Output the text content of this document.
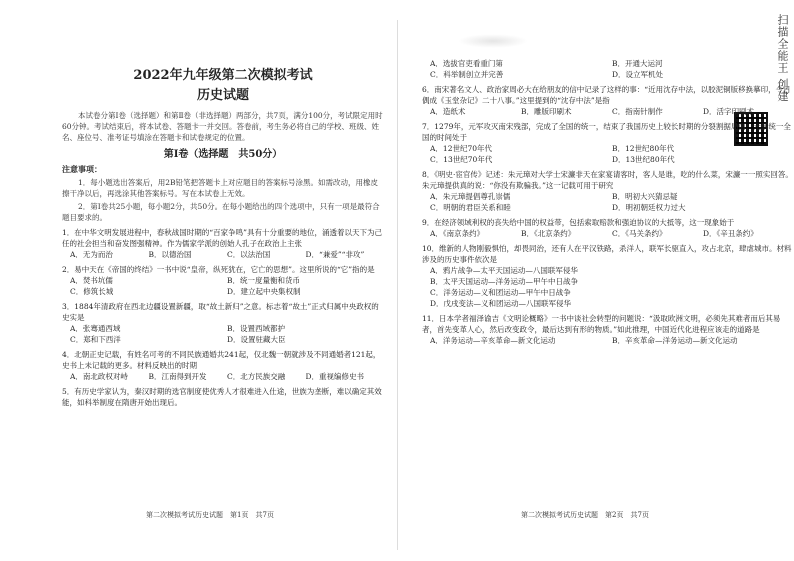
扫描全能王 创建
2022年九年级第二次模拟考试
历史试题
本试卷分第Ⅰ卷（选择题）和第Ⅱ卷（非选择题）两部分，共7页，满分100分，考试限定用时60分钟。考试结束后，将本试卷、答题卡一并交回。答卷前，考生务必将自己的学校、班级、姓名、座位号、准考证号填涂在答题卡和试卷规定的位置。
第Ⅰ卷（选择题　共50分）
注意事项：
1．每小题选出答案后，用2B铅笔把答题卡上对应题目的答案标号涂黑。如需改动，用橡皮擦干净以后，再选涂其他答案标号。写在本试卷上无效。
2．第Ⅰ卷共25小题，每小题2分，共50分。在每小题给出的四个选项中，只有一项是最符合题目要求的。
1．在中华文明发展进程中，春秋战国时期的“百家争鸣”具有十分重要的地位，涌透着以天下为己任的社会担当和奋发图强精神。作为儒家学派的创始人孔子在政治上主张
A．无为而治	B．以德治国	C．以法治国	D．“兼爱”“非攻”
2．易中天在《帝国的终结》一书中说“皇帝，纵死犹在，它亡的思想”。这里所说的“它”指的是
A．焚书坑儒	B．统一度量衡和货币
C．修筑长城	D．建立起中央集权制
3．1884年清政府在西北边疆设置新疆，取“故土新归”之意。标志着“故土”正式归属中央政权的史实是
A．张骞通西域	B．设置西域都护
C．郑和下西洋	D．设置驻藏大臣
4．北朝正史记载，有姓名可考的不同民族通婚共241起，仅北魏一朝就涉及不同通婚者121起，史书上未记载的更多。材料反映出的时期
A．南北政权对峙	B．江南得到开发	C．北方民族交融	D．重视编修史书
5．有历史学家认为，秦汉时期的选官制度使优秀人才很难进入仕途，世族为垄断，难以确定其效能，如科举制度在隋唐开始出现后。
第二次模拟考试历史试题　第1页　共7页
A．选拔官吏看重门第	B．开通大运河
C．科举制创立并完善	D．设立军机处
6．南宋著名文人、政治家周必大在给朋友的信中记录了这样的事：“近用沈存中法，以胶泥铜版移换摹印，今日偶成《玉堂杂记》二十八事。”这里提到的“沈存中法”是指
A．造纸术	B．雕版印刷术	C．指南针制作	D．活字印刷术
7．1279年，元军攻灭南宋残部，完成了全国的统一，结束了我国历史上较长时期的分裂割据局面，元朝统一全国的时间处于
A．12世纪70年代	B．12世纪80年代
C．13世纪70年代	D．13世纪80年代
8．《明史·宦官传》记述：朱元璋对大学士宋濂非天在家宴请客时，客人是谁，吃的什么菜，宋濂一一照实回答。朱元璋提供真的说：“你没有欺骗我。”这一记载可用于研究
A．朱元璋提倡尊孔崇儒	B．明初大兴猜忌疑
C．明朝的君臣关系和睦	D．明初朝廷权力过大
9．在经济领域利权的丧失给中国的权益带，包括索取赔款和强迫协议的大抵等，这一现象始于
A．《南京条约》	B．《北京条约》	C．《马关条约》	D．《辛丑条约》
10．维新的人物刚毅惧怕，却畏同治，还有人在平汉铁路，杀洋人，联军长驱直入，攻占北京，肆虐城市。材料涉及的历史事件依次是
A．鸦片战争—太平天国运动—八国联军侵华
B．太平天国运动—洋务运动—甲午中日战争
C．洋务运动—义和团运动—甲午中日战争
D．戊戌变法—义和团运动—八国联军侵华
11．日本学者福泽谕吉《文明论概略》一书中谈社会转型的问题说：“汲取欧洲文明，必须先其难者而后其易者，首先变革人心，然后改变政令，最后达到有形的物质。”如此推理，中国近代化进程应该走的道路是
A．洋务运动—辛亥革命—新文化运动	B．辛亥革命—洋务运动—新文化运动
第二次模拟考试历史试题　第2页　共7页
